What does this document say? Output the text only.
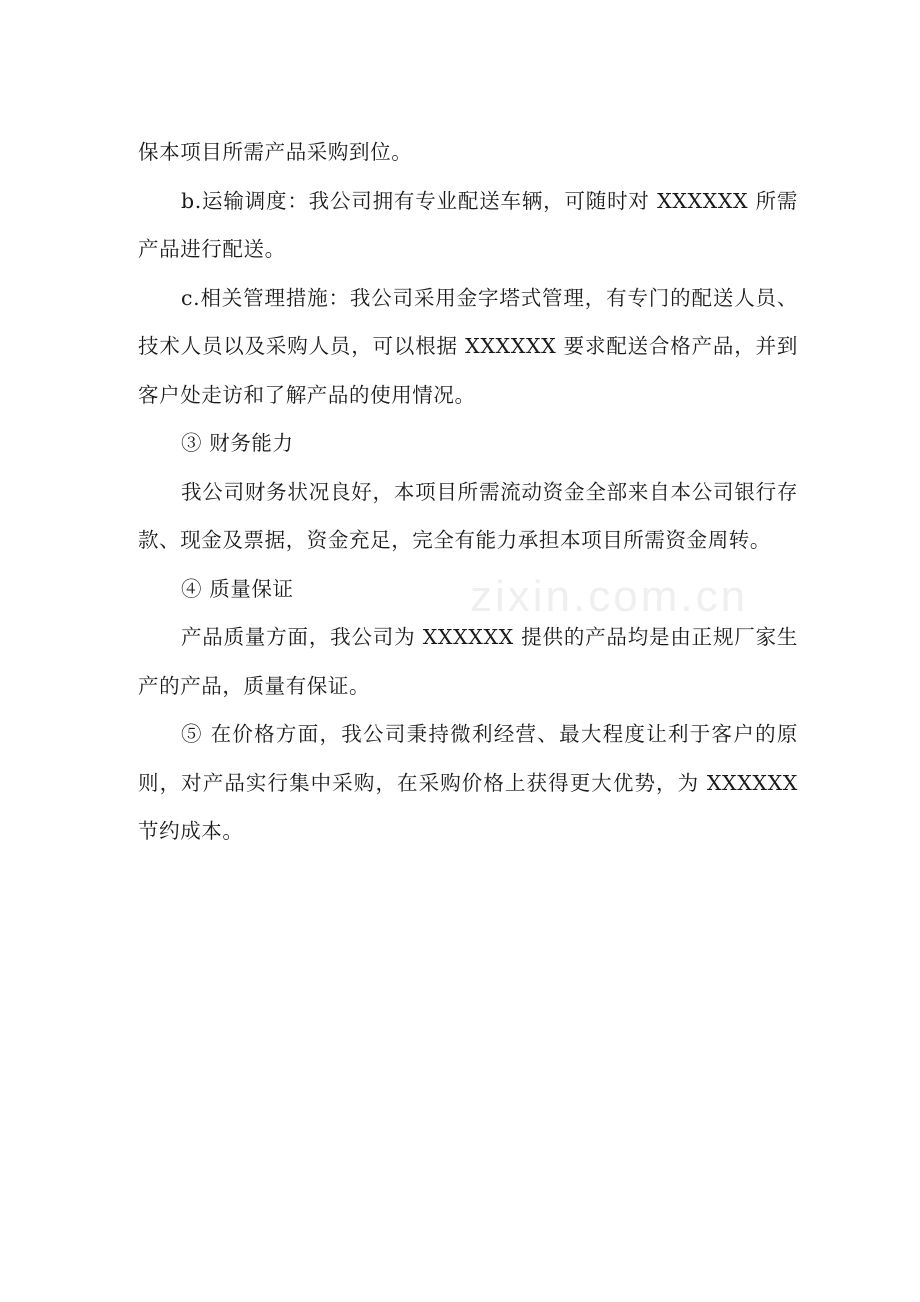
保本项目所需产品采购到位。

b.运输调度：我公司拥有专业配送车辆，可随时对 XXXXXX 所需产品进行配送。

c.相关管理措施：我公司采用金字塔式管理，有专门的配送人员、技术人员以及采购人员，可以根据 XXXXXX 要求配送合格产品，并到客户处走访和了解产品的使用情况。

③ 财务能力

我公司财务状况良好，本项目所需流动资金全部来自本公司银行存款、现金及票据，资金充足，完全有能力承担本项目所需资金周转。

④ 质量保证

产品质量方面，我公司为 XXXXXX 提供的产品均是由正规厂家生产的产品，质量有保证。

⑤ 在价格方面，我公司秉持微利经营、最大程度让利于客户的原则，对产品实行集中采购，在采购价格上获得更大优势，为 XXXXXX 节约成本。

zixin.com.cn
